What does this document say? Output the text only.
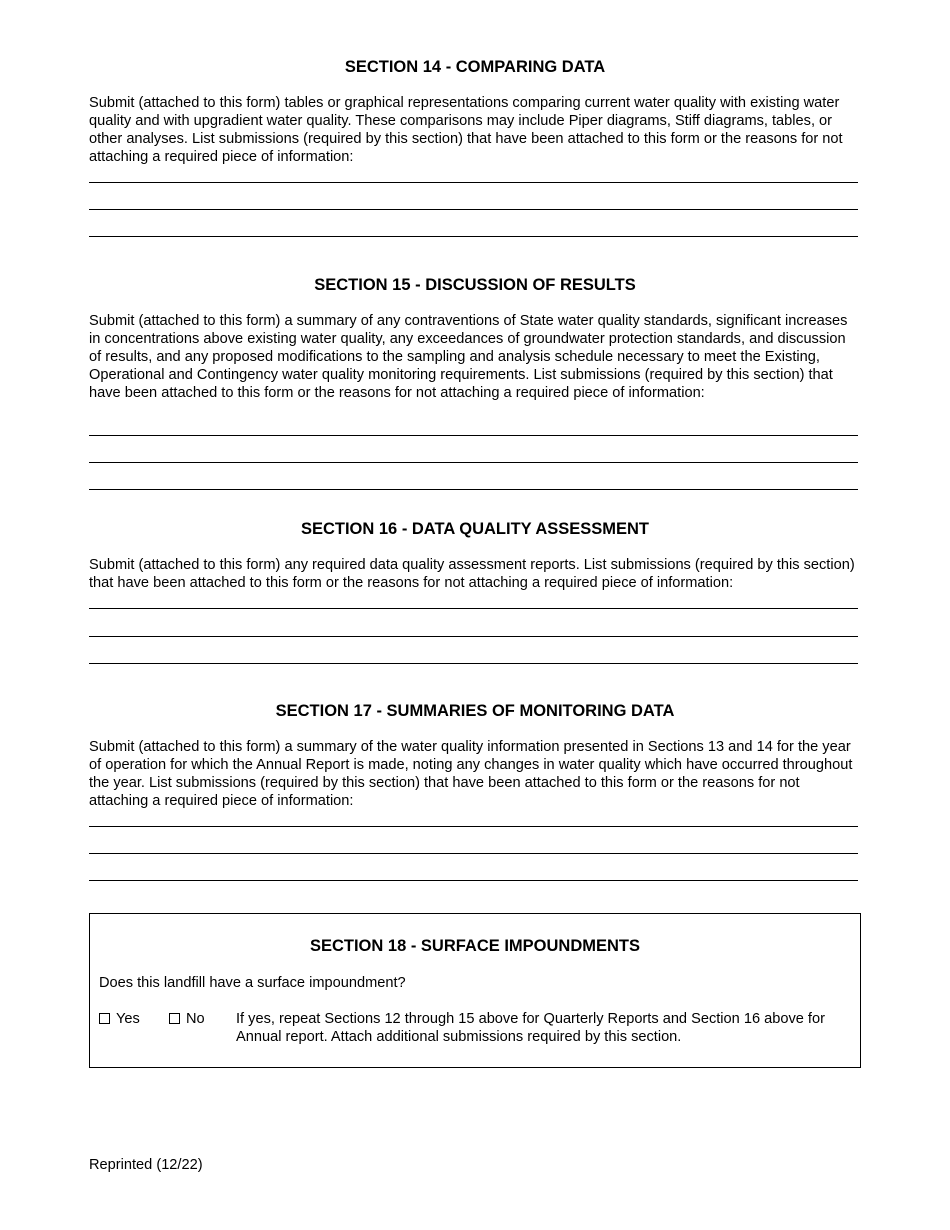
SECTION 14 - COMPARING DATA

Submit (attached to this form) tables or graphical representations comparing current water quality with existing water quality and with upgradient water quality. These comparisons may include Piper diagrams, Stiff diagrams, tables, or other analyses. List submissions (required by this section) that have been attached to this form or the reasons for not attaching a required piece of information:

SECTION 15 - DISCUSSION OF RESULTS

Submit (attached to this form) a summary of any contraventions of State water quality standards, significant increases in concentrations above existing water quality, any exceedances of groundwater protection standards, and discussion of results, and any proposed modifications to the sampling and analysis schedule necessary to meet the Existing, Operational and Contingency water quality monitoring requirements. List submissions (required by this section) that have been attached to this form or the reasons for not attaching a required piece of information:

SECTION 16 - DATA QUALITY ASSESSMENT

Submit (attached to this form) any required data quality assessment reports. List submissions (required by this section) that have been attached to this form or the reasons for not attaching a required piece of information:

SECTION 17 - SUMMARIES OF MONITORING DATA

Submit (attached to this form) a summary of the water quality information presented in Sections 13 and 14 for the year of operation for which the Annual Report is made, noting any changes in water quality which have occurred throughout the year. List submissions (required by this section) that have been attached to this form or the reasons for not attaching a required piece of information:

SECTION 18 - SURFACE IMPOUNDMENTS

Does this landfill have a surface impoundment?

Yes	No If yes, repeat Sections 12 through 15 above for Quarterly Reports and Section 16 above for Annual report. Attach additional submissions required by this section.
Reprinted (12/22)
